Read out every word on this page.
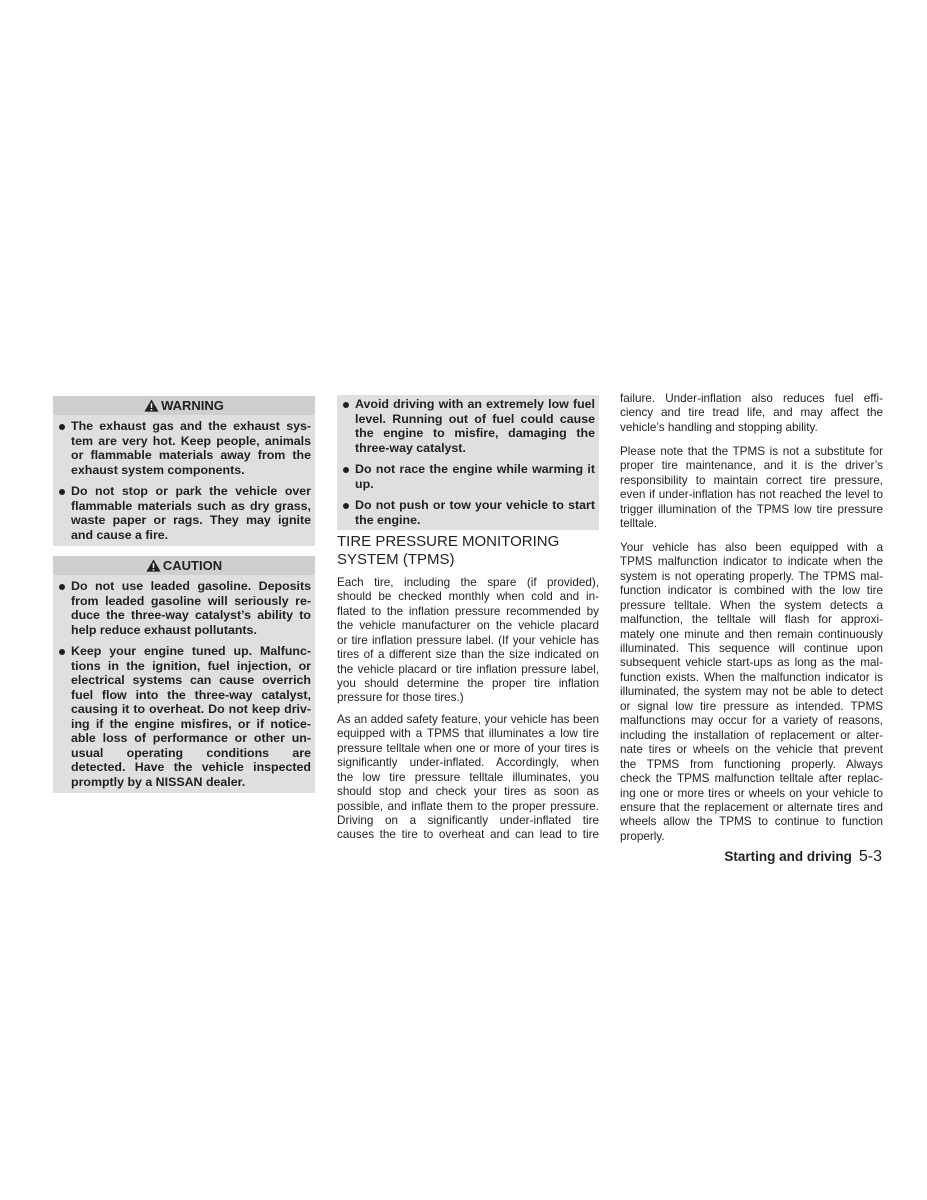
WARNING
The exhaust gas and the exhaust sys-
tem are very hot. Keep people, animals
or flammable materials away from the
exhaust system components.
Do not stop or park the vehicle over
flammable materials such as dry grass,
waste paper or rags. They may ignite
and cause a fire.
CAUTION
Do not use leaded gasoline. Deposits
from leaded gasoline will seriously re-
duce the three-way catalyst’s ability to
help reduce exhaust pollutants.
Keep your engine tuned up. Malfunc-
tions in the ignition, fuel injection, or
electrical systems can cause overrich
fuel flow into the three-way catalyst,
causing it to overheat. Do not keep driv-
ing if the engine misfires, or if notice-
able loss of performance or other un-
usual operating conditions are
detected. Have the vehicle inspected
promptly by a NISSAN dealer.
Avoid driving with an extremely low fuel
level. Running out of fuel could cause
the engine to misfire, damaging the
three-way catalyst.
Do not race the engine while warming it
up.
Do not push or tow your vehicle to start
the engine.
TIRE PRESSURE MONITORING
SYSTEM (TPMS)
Each tire, including the spare (if provided),
should be checked monthly when cold and in-
flated to the inflation pressure recommended by
the vehicle manufacturer on the vehicle placard
or tire inflation pressure label. (If your vehicle has
tires of a different size than the size indicated on
the vehicle placard or tire inflation pressure label,
you should determine the proper tire inflation
pressure for those tires.)
As an added safety feature, your vehicle has been
equipped with a TPMS that illuminates a low tire
pressure telltale when one or more of your tires is
significantly under-inflated. Accordingly, when
the low tire pressure telltale illuminates, you
should stop and check your tires as soon as
possible, and inflate them to the proper pressure.
Driving on a significantly under-inflated tire
causes the tire to overheat and can lead to tire
failure. Under-inflation also reduces fuel effi-
ciency and tire tread life, and may affect the
vehicle’s handling and stopping ability.
Please note that the TPMS is not a substitute for
proper tire maintenance, and it is the driver’s
responsibility to maintain correct tire pressure,
even if under-inflation has not reached the level to
trigger illumination of the TPMS low tire pressure
telltale.
Your vehicle has also been equipped with a
TPMS malfunction indicator to indicate when the
system is not operating properly. The TPMS mal-
function indicator is combined with the low tire
pressure telltale. When the system detects a
malfunction, the telltale will flash for approxi-
mately one minute and then remain continuously
illuminated. This sequence will continue upon
subsequent vehicle start-ups as long as the mal-
function exists. When the malfunction indicator is
illuminated, the system may not be able to detect
or signal low tire pressure as intended. TPMS
malfunctions may occur for a variety of reasons,
including the installation of replacement or alter-
nate tires or wheels on the vehicle that prevent
the TPMS from functioning properly. Always
check the TPMS malfunction telltale after replac-
ing one or more tires or wheels on your vehicle to
ensure that the replacement or alternate tires and
wheels allow the TPMS to continue to function
properly.
Starting and driving 5-3
